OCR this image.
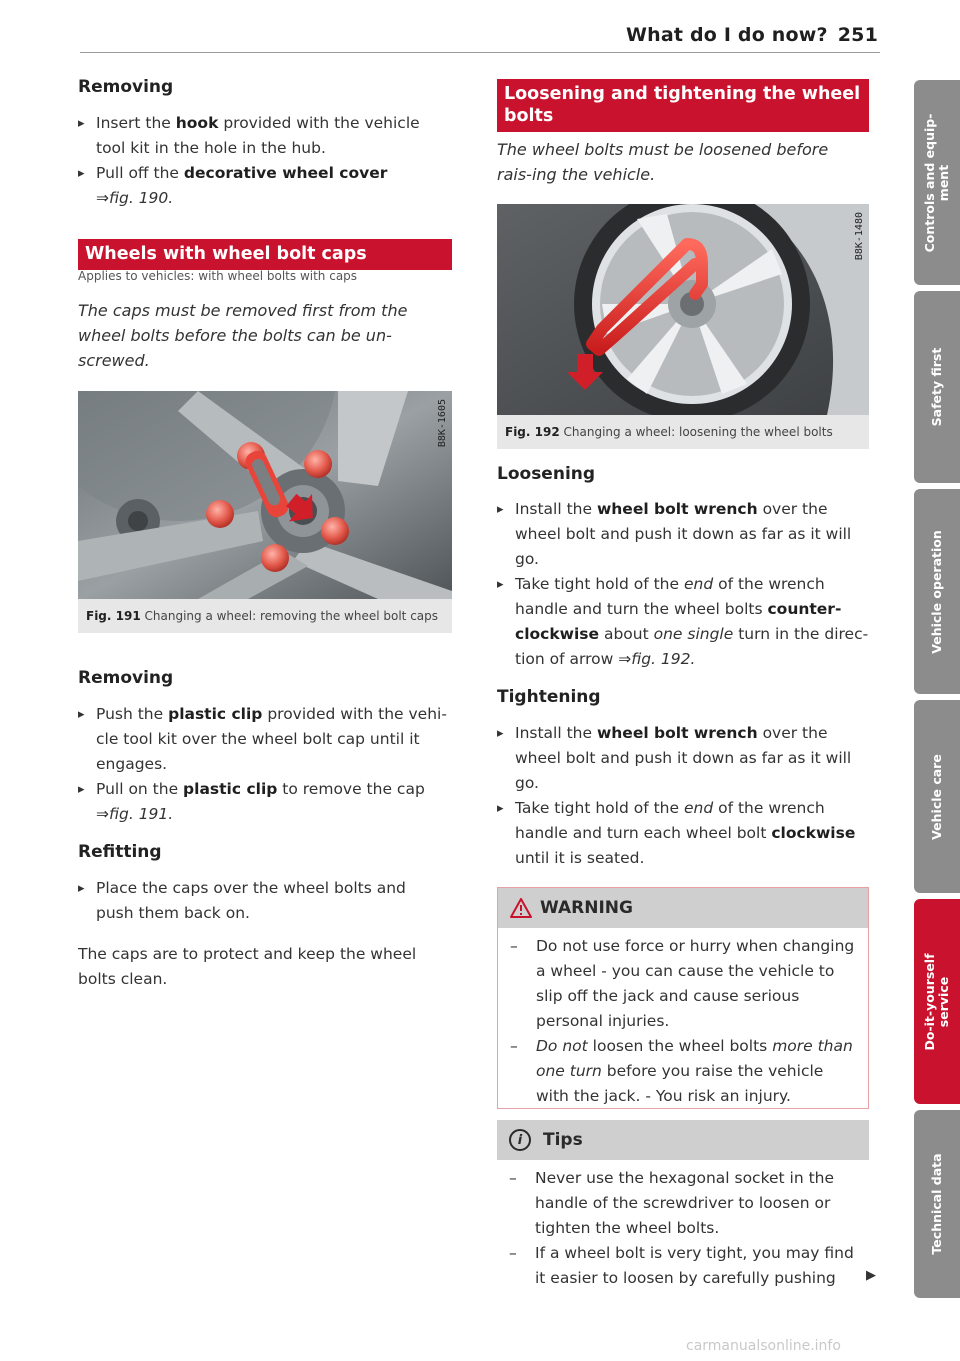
What do I do now? 251
Removing
▸ Insert the hook provided with the vehicle tool kit in the hole in the hub.
▸ Pull off the decorative wheel cover
⇒fig. 190.
Wheels with wheel bolt caps
Applies to vehicles: with wheel bolts with caps

The caps must be removed first from the wheel bolts before the bolts can be un-screwed.

B8K-1605
Fig. 191 Changing a wheel: removing the wheel bolt caps
Removing
▸ Push the plastic clip provided with the vehi-cle tool kit over the wheel bolt cap until it engages.
▸ Pull on the plastic clip to remove the cap ⇒fig. 191.
Refitting
▸ Place the caps over the wheel bolts and push them back on.

The caps are to protect and keep the wheel bolts clean.

Loosening and tightening the wheel bolts

The wheel bolts must be loosened before rais-ing the vehicle.

B8K-1480
Fig. 192 Changing a wheel: loosening the wheel bolts
Loosening
▸ Install the wheel bolt wrench over the wheel bolt and push it down as far as it will go.
▸ Take tight hold of the end of the wrench handle and turn the wheel bolts counter-clockwise about one single turn in the direc-tion of arrow ⇒fig. 192.
Tightening
▸ Install the wheel bolt wrench over the wheel bolt and push it down as far as it will go.
▸ Take tight hold of the end of the wrench handle and turn each wheel bolt clockwise until it is seated.
WARNING
– Do not use force or hurry when changing a wheel - you can cause the vehicle to slip off the jack and cause serious personal injuries.
– Do not loosen the wheel bolts more than one turn before you raise the vehicle with the jack. - You risk an injury.
i	Tips
– Never use the hexagonal socket in the handle of the screwdriver to loosen or tighten the wheel bolts.
– If a wheel bolt is very tight, you may find it easier to loosen by carefully pushing	▶
Controls and equip-
ment
Safety first
Vehicle operation
Vehicle care
Do-it-yourself
service
Technical data
carmanualsonline.info
